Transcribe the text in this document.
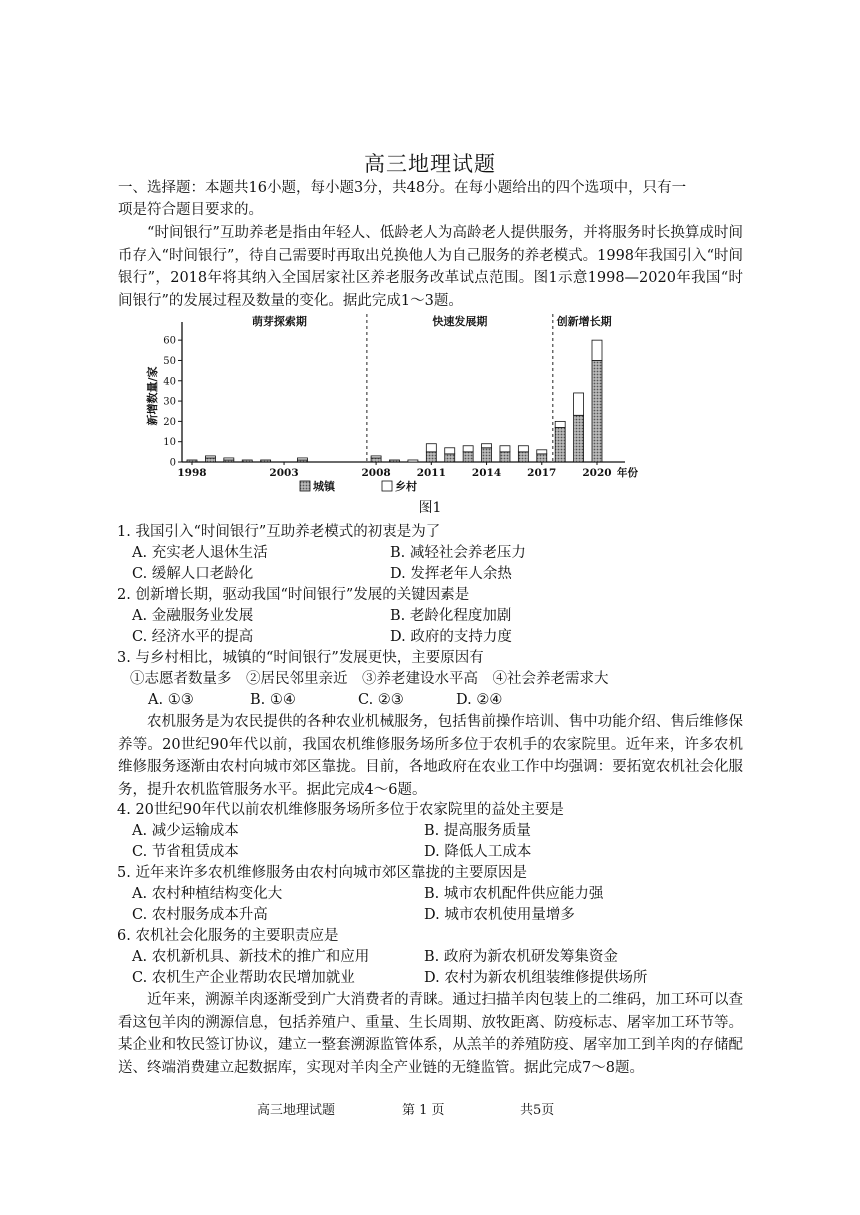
高三地理试题
一、选择题：本题共16小题，每小题3分，共48分。在每小题给出的四个选项中，只有一
项是符合题目要求的。
“时间银行”互助养老是指由年轻人、低龄老人为高龄老人提供服务，并将服务时长换算成时间币存入“时间银行”，待自己需要时再取出兑换他人为自己服务的养老模式。1998年我国引入“时间银行”，2018年将其纳入全国居家社区养老服务改革试点范围。图1示意1998—2020年我国“时间银行”的发展过程及数量的变化。据此完成1～3题。
0
10
20
30
40
50
60
新增数量/家
萌芽探索期	快速发展期	创新增长期
1998	2003	2008 2011 2014 2017 2020 年份
城镇	乡村
图1
1. 我国引入“时间银行”互助养老模式的初衷是为了
A. 充实老人退休生活	B. 减轻社会养老压力
C. 缓解人口老龄化	D. 发挥老年人余热
2. 创新增长期，驱动我国“时间银行”发展的关键因素是
A. 金融服务业发展	B. 老龄化程度加剧
C. 经济水平的提高	D. 政府的支持力度
3. 与乡村相比，城镇的“时间银行”发展更快，主要原因有
①志愿者数量多　②居民邻里亲近　③养老建设水平高　④社会养老需求大
A. ①③	B. ①④	C. ②③	D. ②④
农机服务是为农民提供的各种农业机械服务，包括售前操作培训、售中功能介绍、售后维修保养等。20世纪90年代以前，我国农机维修服务场所多位于农机手的农家院里。近年来，许多农机维修服务逐渐由农村向城市郊区靠拢。目前，各地政府在农业工作中均强调：要拓宽农机社会化服务，提升农机监管服务水平。据此完成4～6题。
4. 20世纪90年代以前农机维修服务场所多位于农家院里的益处主要是
A. 减少运输成本	B. 提高服务质量
C. 节省租赁成本	D. 降低人工成本
5. 近年来许多农机维修服务由农村向城市郊区靠拢的主要原因是
A. 农村种植结构变化大	B. 城市农机配件供应能力强
C. 农村服务成本升高	D. 城市农机使用量增多
6. 农机社会化服务的主要职责应是
A. 农机新机具、新技术的推广和应用	B. 政府为新农机研发筹集资金
C. 农机生产企业帮助农民增加就业	D. 农村为新农机组装维修提供场所
近年来，溯源羊肉逐渐受到广大消费者的青睐。通过扫描羊肉包装上的二维码，加工环可以查看这包羊肉的溯源信息，包括养殖户、重量、生长周期、放牧距离、防疫标志、屠宰加工环节等。某企业和牧民签订协议，建立一整套溯源监管体系，从羔羊的养殖防疫、屠宰加工到羊肉的存储配送、终端消费建立起数据库，实现对羊肉全产业链的无缝监管。据此完成7～8题。
高三地理试题	第 1 页	共5页
